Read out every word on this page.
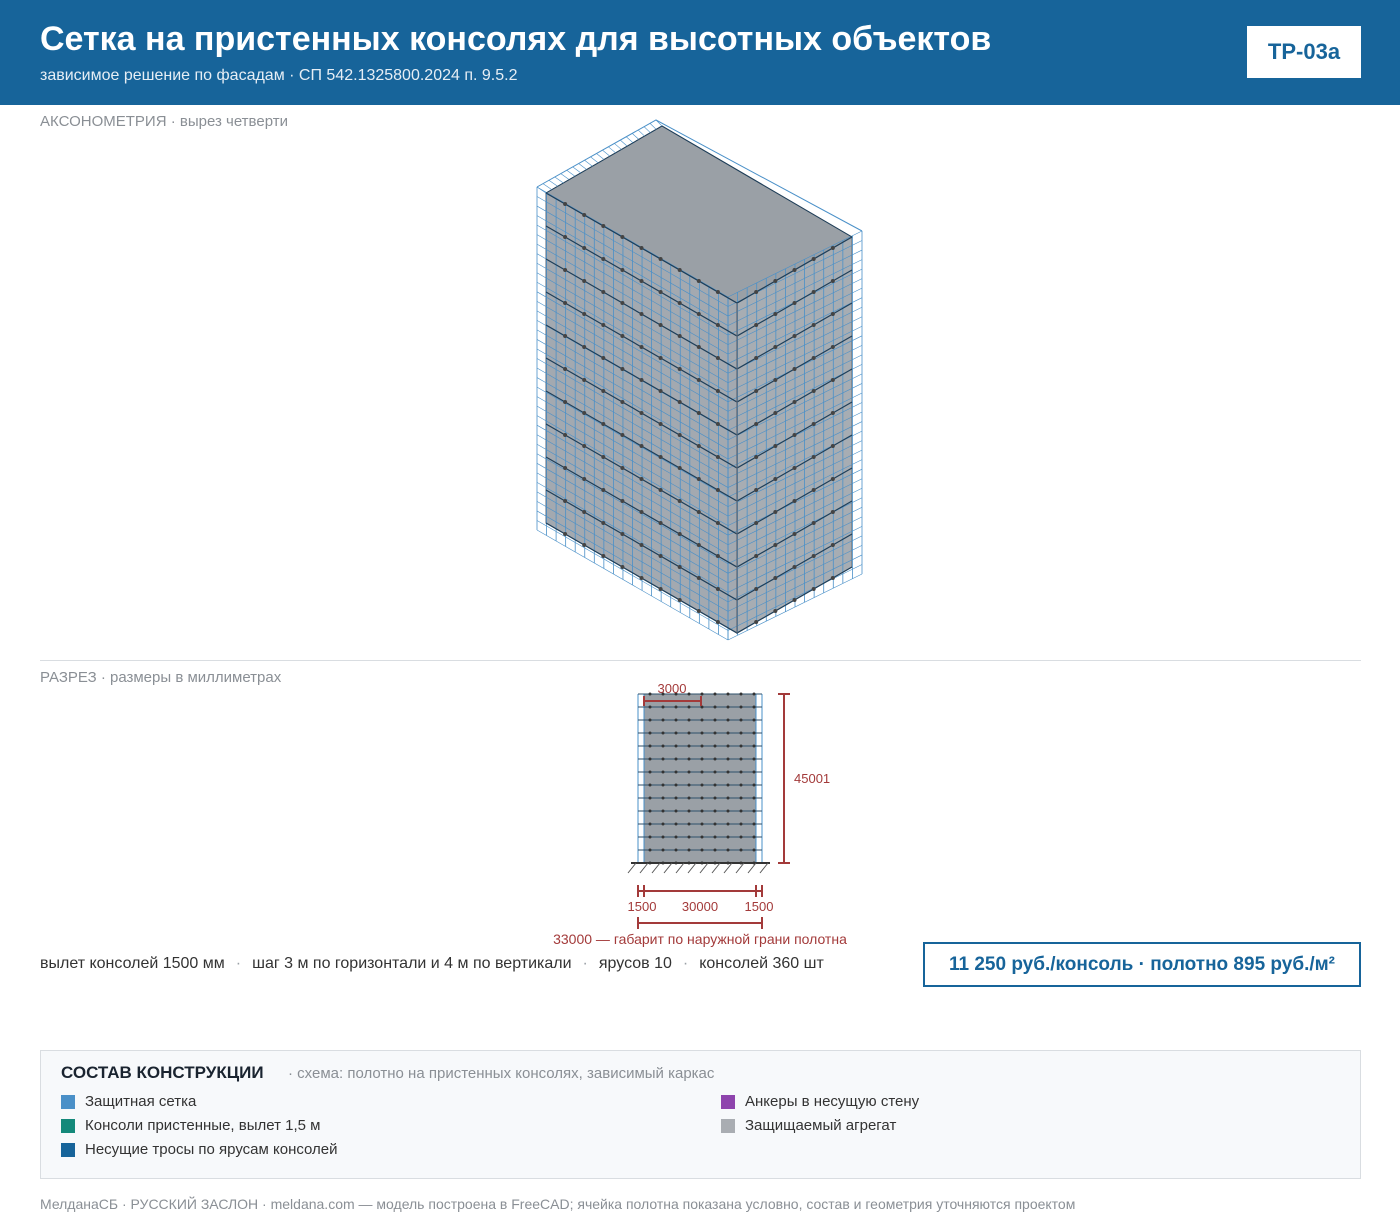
Сетка на пристенных консолях для высотных объектов
зависимое решение по фасадам · СП 542.1325800.2024 п. 9.5.2
ТР-03а
АКСОНОМЕТРИЯ · вырез четверти
РАЗРЕЗ · размеры в миллиметрах
3000
45001
1500 30000 1500
33000 — габарит по наружной грани полотна
вылет консолей 1500 мм · шаг 3 м по горизонтали и 4 м по вертикали · ярусов 10 · консолей 360 шт	11 250 руб./консоль · полотно 895 руб./м²
СОСТАВ КОНСТРУКЦИИ · схема: полотно на пристенных консолях, зависимый каркас
Защитная сетка
Консоли пристенные, вылет 1,5 м
Несущие тросы по ярусам консолей
Анкеры в несущую стену
Защищаемый агрегат
МелданаСБ · РУССКИЙ ЗАСЛОН · meldana.com — модель построена в FreeCAD; ячейка полотна показана условно, состав и геометрия уточняются проектом
